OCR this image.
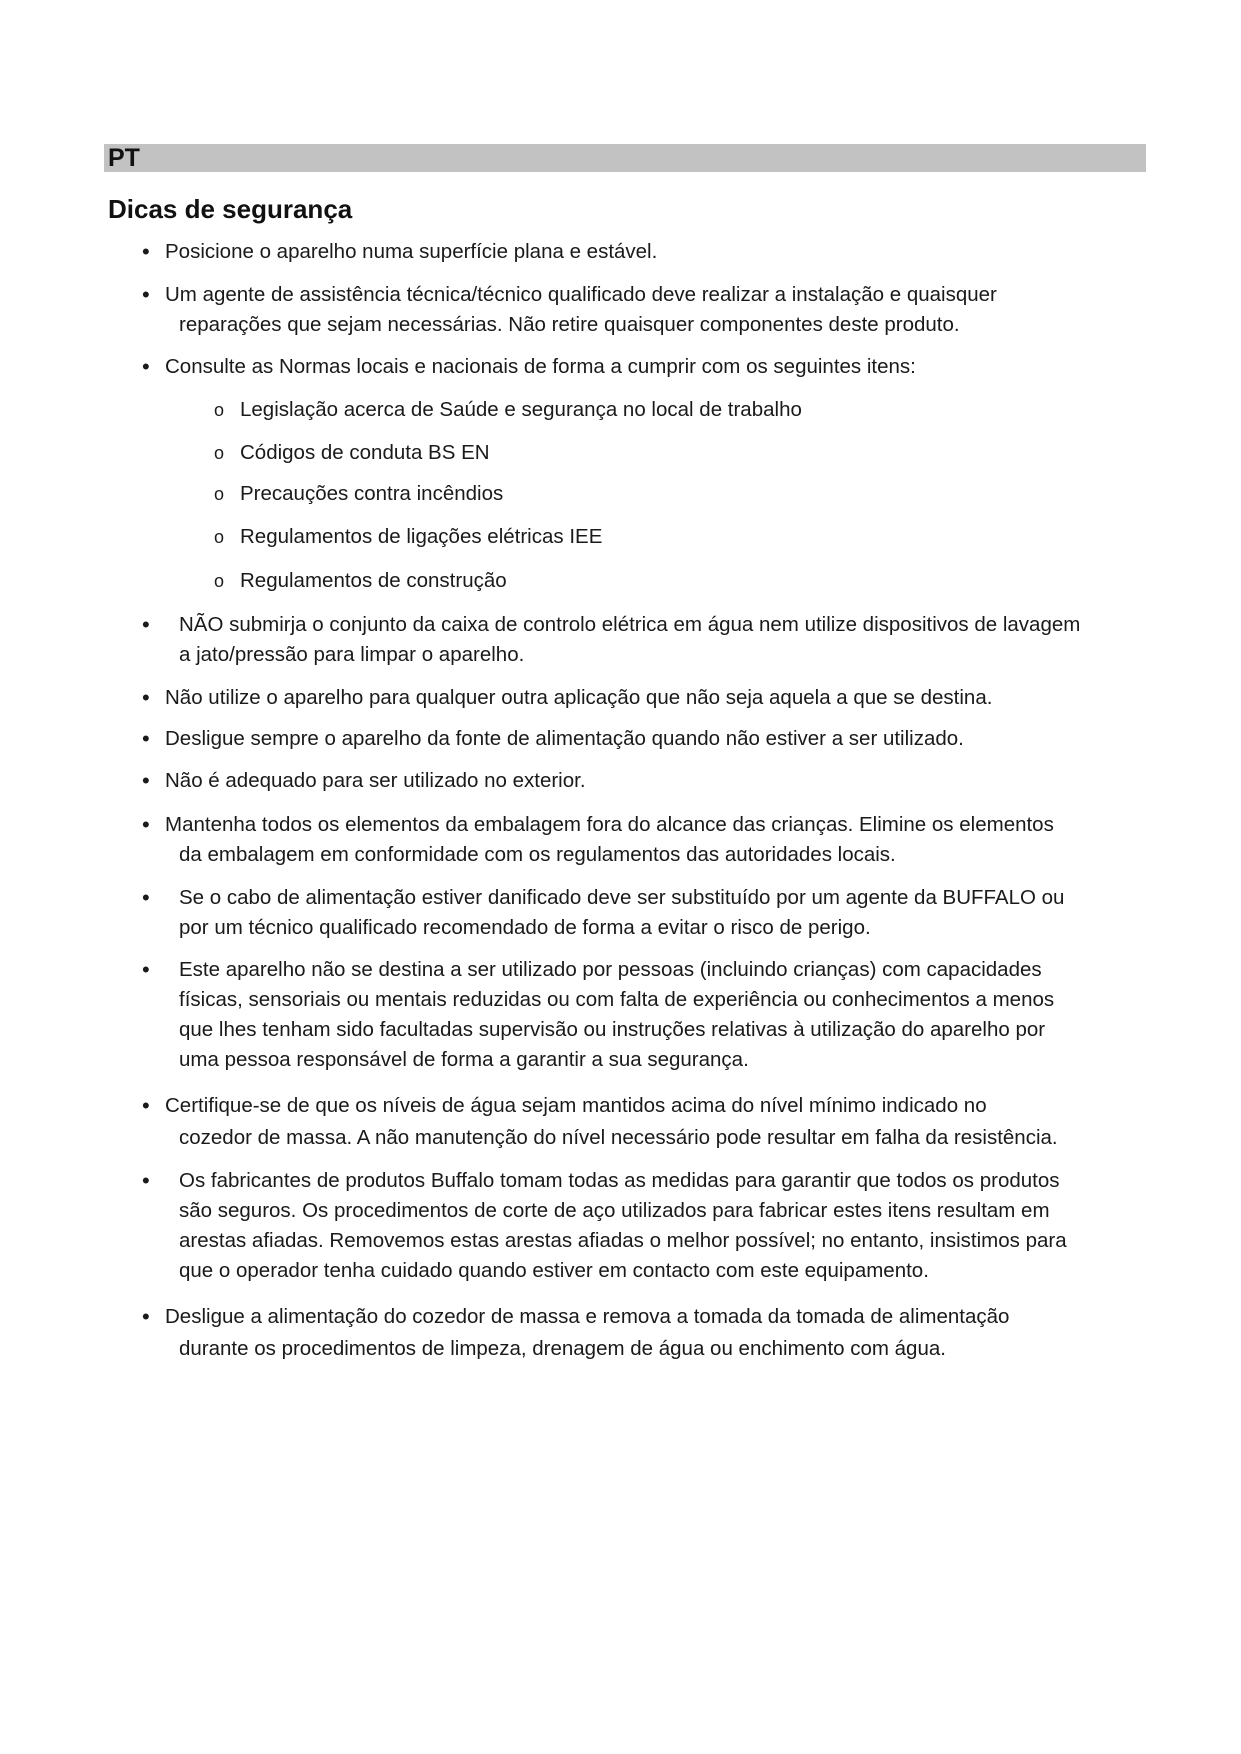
PT
Dicas de segurança
• Posicione o aparelho numa superfície plana e estável.
• Um agente de assistência técnica/técnico qualificado deve realizar a instalação e quaisquer
reparações que sejam necessárias. Não retire quaisquer componentes deste produto.
• Consulte as Normas locais e nacionais de forma a cumprir com os seguintes itens:
o Legislação acerca de Saúde e segurança no local de trabalho
o Códigos de conduta BS EN
o Precauções contra incêndios
o Regulamentos de ligações elétricas IEE
o Regulamentos de construção
•	NÃO submirja o conjunto da caixa de controlo elétrica em água nem utilize dispositivos de lavagem
a jato/pressão para limpar o aparelho.
• Não utilize o aparelho para qualquer outra aplicação que não seja aquela a que se destina.
• Desligue sempre o aparelho da fonte de alimentação quando não estiver a ser utilizado.
• Não é adequado para ser utilizado no exterior.
• Mantenha todos os elementos da embalagem fora do alcance das crianças. Elimine os elementos
da embalagem em conformidade com os regulamentos das autoridades locais.
•	Se o cabo de alimentação estiver danificado deve ser substituído por um agente da BUFFALO ou
por um técnico qualificado recomendado de forma a evitar o risco de perigo.
•	Este aparelho não se destina a ser utilizado por pessoas (incluindo crianças) com capacidades
físicas, sensoriais ou mentais reduzidas ou com falta de experiência ou conhecimentos a menos
que lhes tenham sido facultadas supervisão ou instruções relativas à utilização do aparelho por
uma pessoa responsável de forma a garantir a sua segurança.
• Certifique-se de que os níveis de água sejam mantidos acima do nível mínimo indicado no
cozedor de massa. A não manutenção do nível necessário pode resultar em falha da resistência.
•	Os fabricantes de produtos Buffalo tomam todas as medidas para garantir que todos os produtos
são seguros. Os procedimentos de corte de aço utilizados para fabricar estes itens resultam em
arestas afiadas. Removemos estas arestas afiadas o melhor possível; no entanto, insistimos para
que o operador tenha cuidado quando estiver em contacto com este equipamento.
• Desligue a alimentação do cozedor de massa e remova a tomada da tomada de alimentação
durante os procedimentos de limpeza, drenagem de água ou enchimento com água.
